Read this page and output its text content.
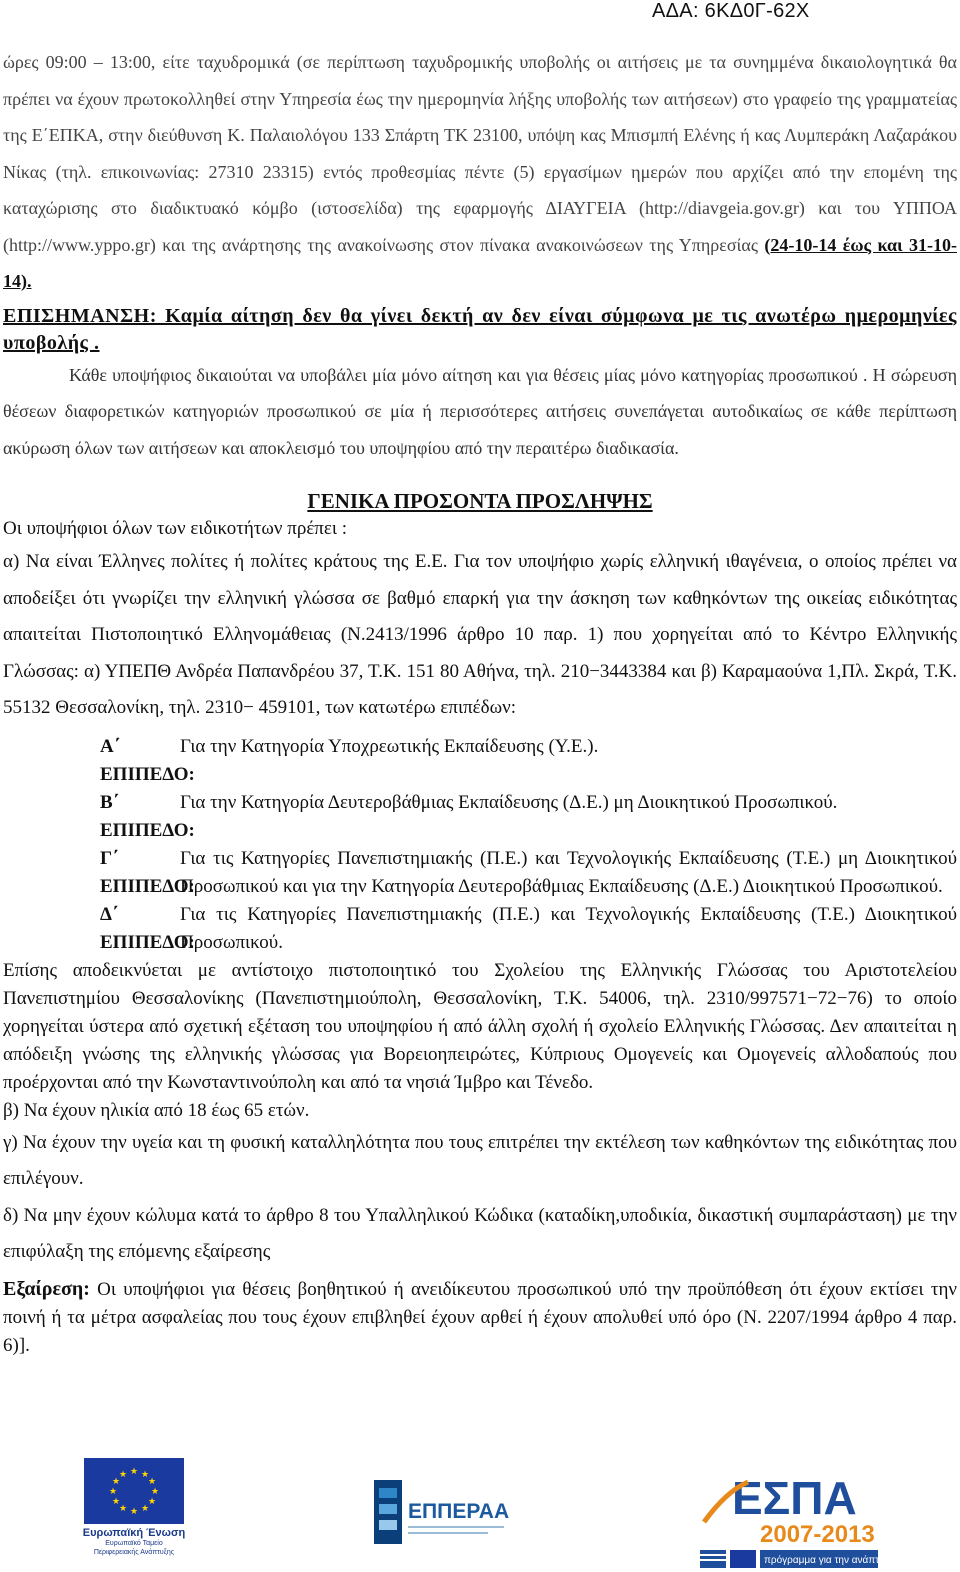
ΑΔΑ: 6ΚΔ0Γ-62Χ

ώρες 09:00 – 13:00, είτε ταχυδρομικά (σε περίπτωση ταχυδρομικής υποβολής οι αιτήσεις με τα συνημμένα δικαιολογητικά θα πρέπει να έχουν πρωτοκολληθεί στην Υπηρεσία έως την ημερομηνία λήξης υποβολής των αιτήσεων) στο γραφείο της γραμματείας της Ε΄ΕΠΚΑ, στην διεύθυνση Κ. Παλαιολόγου 133 Σπάρτη ΤΚ 23100, υπόψη κας Μπισμπή Ελένης ή κας Λυμπεράκη Λαζαράκου Νίκας (τηλ. επικοινωνίας: 27310 23315) εντός προθεσμίας πέντε (5) εργασίμων ημερών που αρχίζει από την επομένη της καταχώρισης στο διαδικτυακό κόμβο (ιστοσελίδα) της εφαρμογής ΔΙΑΥΓΕΙΑ (http://diavgeia.gov.gr) και του ΥΠΠΟΑ (http://www.yppo.gr) και της ανάρτησης της ανακοίνωσης στον πίνακα ανακοινώσεων της Υπηρεσίας (24-10-14 έως και 31-10-14).

ΕΠΙΣΗΜΑΝΣΗ: Καμία αίτηση δεν θα γίνει δεκτή αν δεν είναι σύμφωνα με τις ανωτέρω ημερομηνίες υποβολής .

Κάθε υποψήφιος δικαιούται να υποβάλει μία μόνο αίτηση και για θέσεις μίας μόνο κατηγορίας προσωπικού . Η σώρευση θέσεων διαφορετικών κατηγοριών προσωπικού σε μία ή περισσότερες αιτήσεις συνεπάγεται αυτοδικαίως σε κάθε περίπτωση ακύρωση όλων των αιτήσεων και αποκλεισμό του υποψηφίου από την περαιτέρω διαδικασία.

ΓΕΝΙΚΑ ΠΡΟΣΟΝΤΑ ΠΡΟΣΛΗΨΗΣ

Οι υποψήφιοι όλων των ειδικοτήτων πρέπει :

α) Να είναι Έλληνες πολίτες ή πολίτες κράτους της Ε.Ε. Για τον υποψήφιο χωρίς ελληνική ιθαγένεια, ο οποίος πρέπει να αποδείξει ότι γνωρίζει την ελληνική γλώσσα σε βαθμό επαρκή για την άσκηση των καθηκόντων της οικείας ειδικότητας απαιτείται Πιστοποιητικό Ελληνομάθειας (Ν.2413/1996 άρθρο 10 παρ. 1) που χορηγείται από το Κέντρο Ελληνικής Γλώσσας: α) ΥΠΕΠΘ Ανδρέα Παπανδρέου 37, Τ.Κ. 151 80 Αθήνα, τηλ. 210−3443384 και β) Καραμαούνα 1,Πλ. Σκρά, Τ.Κ. 55132 Θεσσαλονίκη, τηλ. 2310− 459101, των κατωτέρω επιπέδων:

Α΄ ΕΠΙΠΕΔΟ:
Για την Κατηγορία Υποχρεωτικής Εκπαίδευσης (Υ.Ε.).
Β΄ ΕΠΙΠΕΔΟ:
Για την Κατηγορία Δευτεροβάθμιας Εκπαίδευσης (Δ.Ε.) μη Διοικητικού Προσωπικού.
Γ΄ ΕΠΙΠΕΔΟ:
Για τις Κατηγορίες Πανεπιστημιακής (Π.Ε.) και Τεχνολογικής Εκπαίδευσης (Τ.Ε.) μη Διοικητικού Προσωπικού και για την Κατηγορία Δευτεροβάθμιας Εκπαίδευσης (Δ.Ε.) Διοικητικού Προσωπικού.
Δ΄ ΕΠΙΠΕΔΟ:
Για τις Κατηγορίες Πανεπιστημιακής (Π.Ε.) και Τεχνολογικής Εκπαίδευσης (Τ.Ε.) Διοικητικού Προσωπικού.

Επίσης αποδεικνύεται με αντίστοιχο πιστοποιητικό του Σχολείου της Ελληνικής Γλώσσας του Αριστοτελείου Πανεπιστημίου Θεσσαλονίκης (Πανεπιστημιούπολη, Θεσσαλονίκη, Τ.Κ. 54006, τηλ. 2310/997571−72−76) το οποίο χορηγείται ύστερα από σχετική εξέταση του υποψηφίου ή από άλλη σχολή ή σχολείο Ελληνικής Γλώσσας. Δεν απαιτείται η απόδειξη γνώσης της ελληνικής γλώσσας για Βορειοηπειρώτες, Κύπριους Ομογενείς και Ομογενείς αλλοδαπούς που προέρχονται από την Κωνσταντινούπολη και από τα νησιά Ίμβρο και Τένεδο.

β) Να έχουν ηλικία από 18 έως 65 ετών.

γ) Να έχουν την υγεία και τη φυσική καταλληλότητα που τους επιτρέπει την εκτέλεση των καθηκόντων της ειδικότητας που επιλέγουν.

δ) Να μην έχουν κώλυμα κατά το άρθρο 8 του Υπαλληλικού Κώδικα (καταδίκη,υποδικία, δικαστική συμπαράσταση) με την επιφύλαξη της επόμενης εξαίρεσης

Εξαίρεση: Οι υποψήφιοι για θέσεις βοηθητικού ή ανειδίκευτου προσωπικού υπό την προϋπόθεση ότι έχουν εκτίσει την ποινή ή τα μέτρα ασφαλείας που τους έχουν επιβληθεί έχουν αρθεί ή έχουν απολυθεί υπό όρο (Ν. 2207/1994 άρθρο 4 παρ. 6)].

★ ★
★
★
★
★
★
★
★
★
★
★
Ευρωπαϊκή Ένωση
Ευρωπαϊκό Ταμείο
Περιφερειακής Ανάπτυξης
ΕΠΠΕΡΑΑ	ΕΣΠΑ
2007-2013
πρόγραμμα για την ανάπτυξη
